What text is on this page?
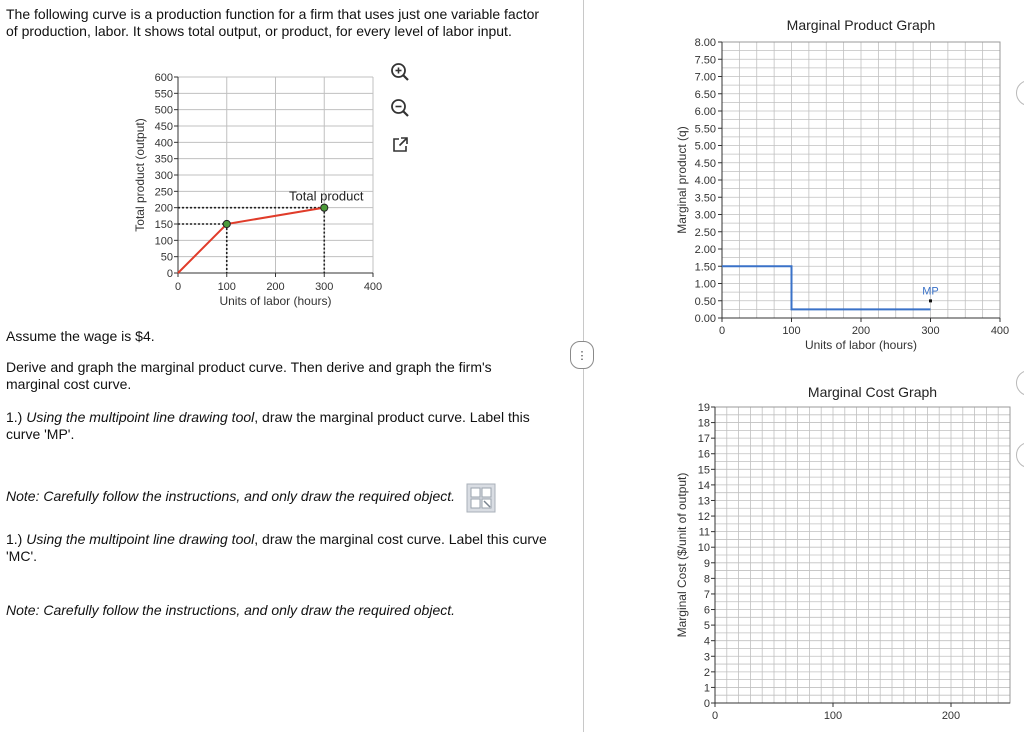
The following curve is a production function for a firm that uses just one variable factor
of production, labor. It shows total output, or product, for every level of labor input.
Assume the wage is $4.
Derive and graph the marginal product curve. Then derive and graph the firm's
marginal cost curve.
1.) Using the multipoint line drawing tool, draw the marginal product curve. Label this
curve 'MP'.
Note: Carefully follow the instructions, and only draw the required object.
1.) Using the multipoint line drawing tool, draw the marginal cost curve. Label this curve
'MC'.
Note: Carefully follow the instructions, and only draw the required object.
0
50
100
150
200
250
300
350
400
450
500
550
600
0	100	200	300	400
Units of labor (hours)
Total product (output)	Total product
⋮
Marginal Product Graph
0.00
0.50
1.00
1.50
2.00
2.50
3.00
3.50
4.00
4.50
5.00
5.50
6.00
6.50
7.00
7.50
8.00
0	100	200	300	400
Units of labor (hours)
Marginal product (q)
MP
Marginal Cost Graph
0
1
2
3
4
5
6
7
8
9
10
11
12
13
14
15
16
17
18
19
0	100	200
Marginal Cost ($/unit of output)
